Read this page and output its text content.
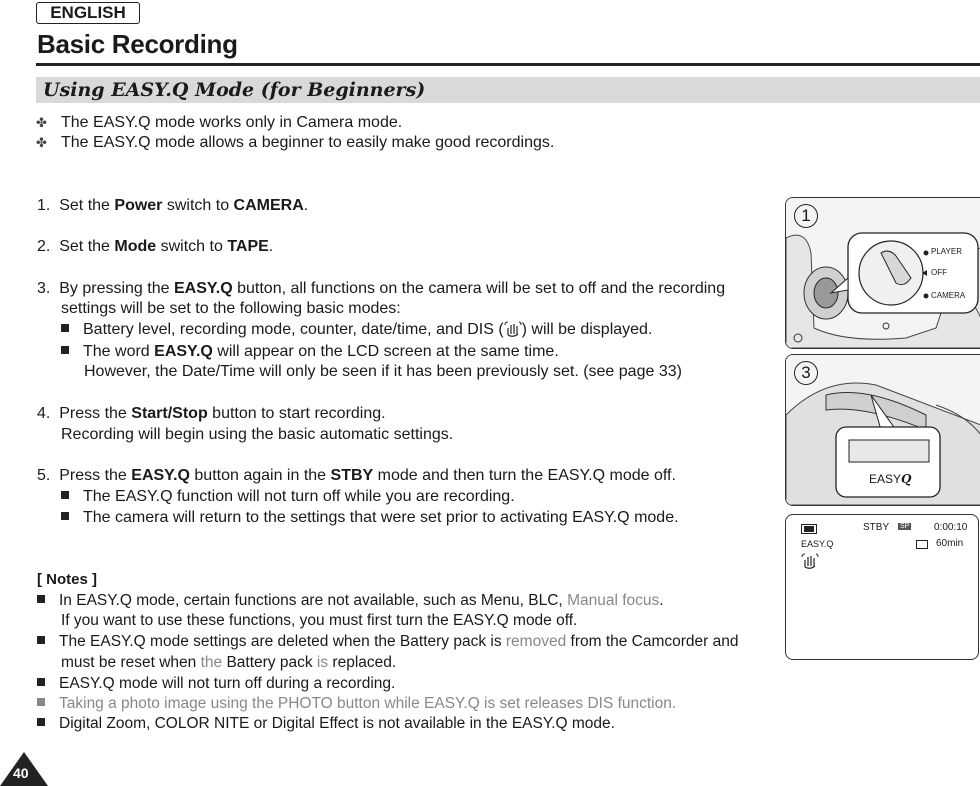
ENGLISH
Basic Recording
Using EASY.Q Mode (for Beginners)
✤ The EASY.Q mode works only in Camera mode.
✤ The EASY.Q mode allows a beginner to easily make good recordings.
1. Set the Power switch to CAMERA.
2. Set the Mode switch to TAPE.
3. By pressing the EASY.Q button, all functions on the camera will be set to off and the recording
settings will be set to the following basic modes:
Battery level, recording mode, counter, date/time, and DIS ( ) will be displayed.
The word EASY.Q will appear on the LCD screen at the same time.
However, the Date/Time will only be seen if it has been previously set. (see page 33)
4. Press the Start/Stop button to start recording.
Recording will begin using the basic automatic settings.
5. Press the EASY.Q button again in the STBY mode and then turn the EASY.Q mode off.
The EASY.Q function will not turn off while you are recording.
The camera will return to the settings that were set prior to activating EASY.Q mode.
[ Notes ]
In EASY.Q mode, certain functions are not available, such as Menu, BLC, Manual focus.
If you want to use these functions, you must first turn the EASY.Q mode off.
The EASY.Q mode settings are deleted when the Battery pack is removed from the Camcorder and
must be reset when the Battery pack is replaced.
EASY.Q mode will not turn off during a recording.
Taking a photo image using the PHOTO button while EASY.Q is set releases DIS function.
Digital Zoom, COLOR NITE or Digital Effect is not available in the EASY.Q mode.
1
PLAYER
OFF
CAMERA
3
EASYQ
STBY SP 0:00:10
EASY.Q	60min
40
